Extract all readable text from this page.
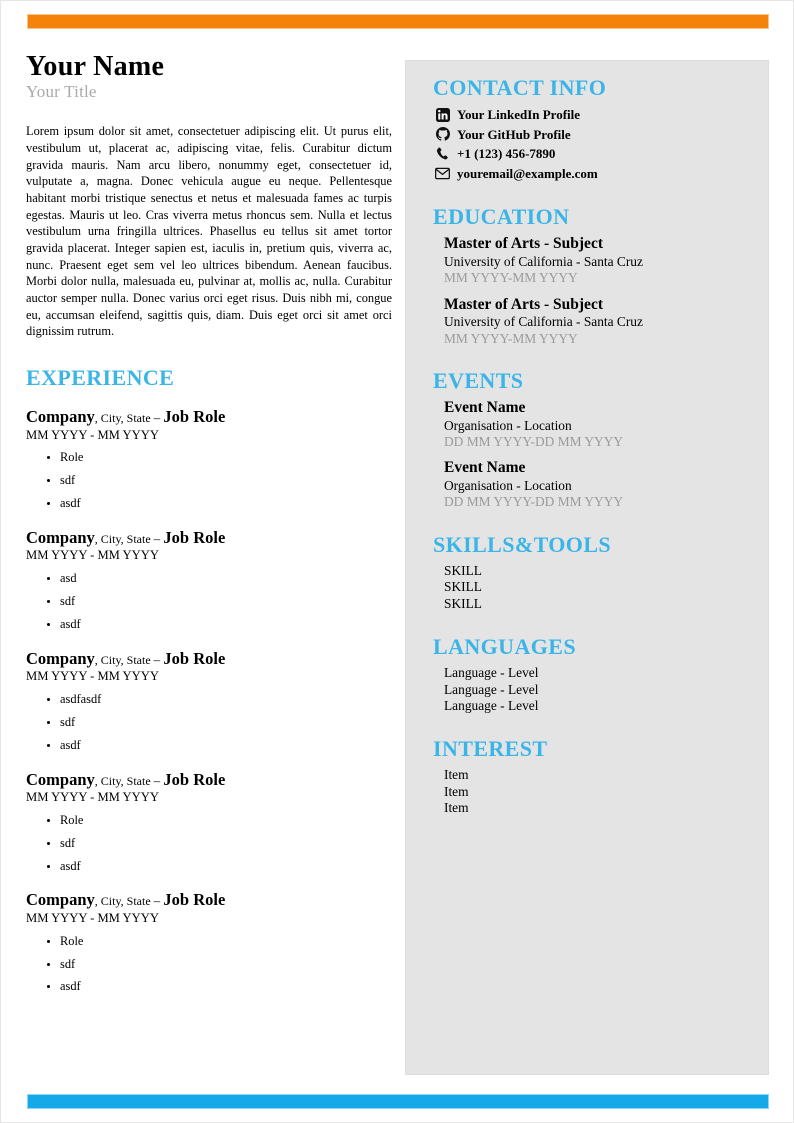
Your Name
Your Title

Lorem ipsum dolor sit amet, consectetuer adipiscing elit. Ut purus elit, vestibulum ut, placerat ac, adipiscing vitae, felis. Curabitur dictum gravida mauris. Nam arcu libero, nonummy eget, consectetuer id, vulputate a, magna. Donec vehicula augue eu neque. Pellentesque habitant morbi tristique senectus et netus et malesuada fames ac turpis egestas. Mauris ut leo. Cras viverra metus rhoncus sem. Nulla et lectus vestibulum urna fringilla ultrices. Phasellus eu tellus sit amet tortor gravida placerat. Integer sapien est, iaculis in, pretium quis, viverra ac, nunc. Praesent eget sem vel leo ultrices bibendum. Aenean faucibus. Morbi dolor nulla, malesuada eu, pulvinar at, mollis ac, nulla. Curabitur auctor semper nulla. Donec varius orci eget risus. Duis nibh mi, congue eu, accumsan eleifend, sagittis quis, diam. Duis eget orci sit amet orci dignissim rutrum.

EXPERIENCE
Company, City, State – Job Role
MM YYYY - MM YYYY
• Role
• sdf
• asdf
Company, City, State – Job Role
MM YYYY - MM YYYY
• asd
• sdf
• asdf
Company, City, State – Job Role
MM YYYY - MM YYYY
• asdfasdf
• sdf
• asdf
Company, City, State – Job Role
MM YYYY - MM YYYY
• Role
• sdf
• asdf
Company, City, State – Job Role
MM YYYY - MM YYYY
• Role
• sdf
• asdf
CONTACT INFO
Your LinkedIn Profile
Your GitHub Profile
+1 (123) 456-7890
youremail@example.com
EDUCATION
Master of Arts - Subject
University of California - Santa Cruz
MM YYYY-MM YYYY
Master of Arts - Subject
University of California - Santa Cruz
MM YYYY-MM YYYY
EVENTS
Event Name
Organisation - Location
DD MM YYYY-DD MM YYYY
Event Name
Organisation - Location
DD MM YYYY-DD MM YYYY
SKILLS&TOOLS
SKILL
SKILL
SKILL
LANGUAGES
Language - Level
Language - Level
Language - Level
INTEREST
Item
Item
Item
